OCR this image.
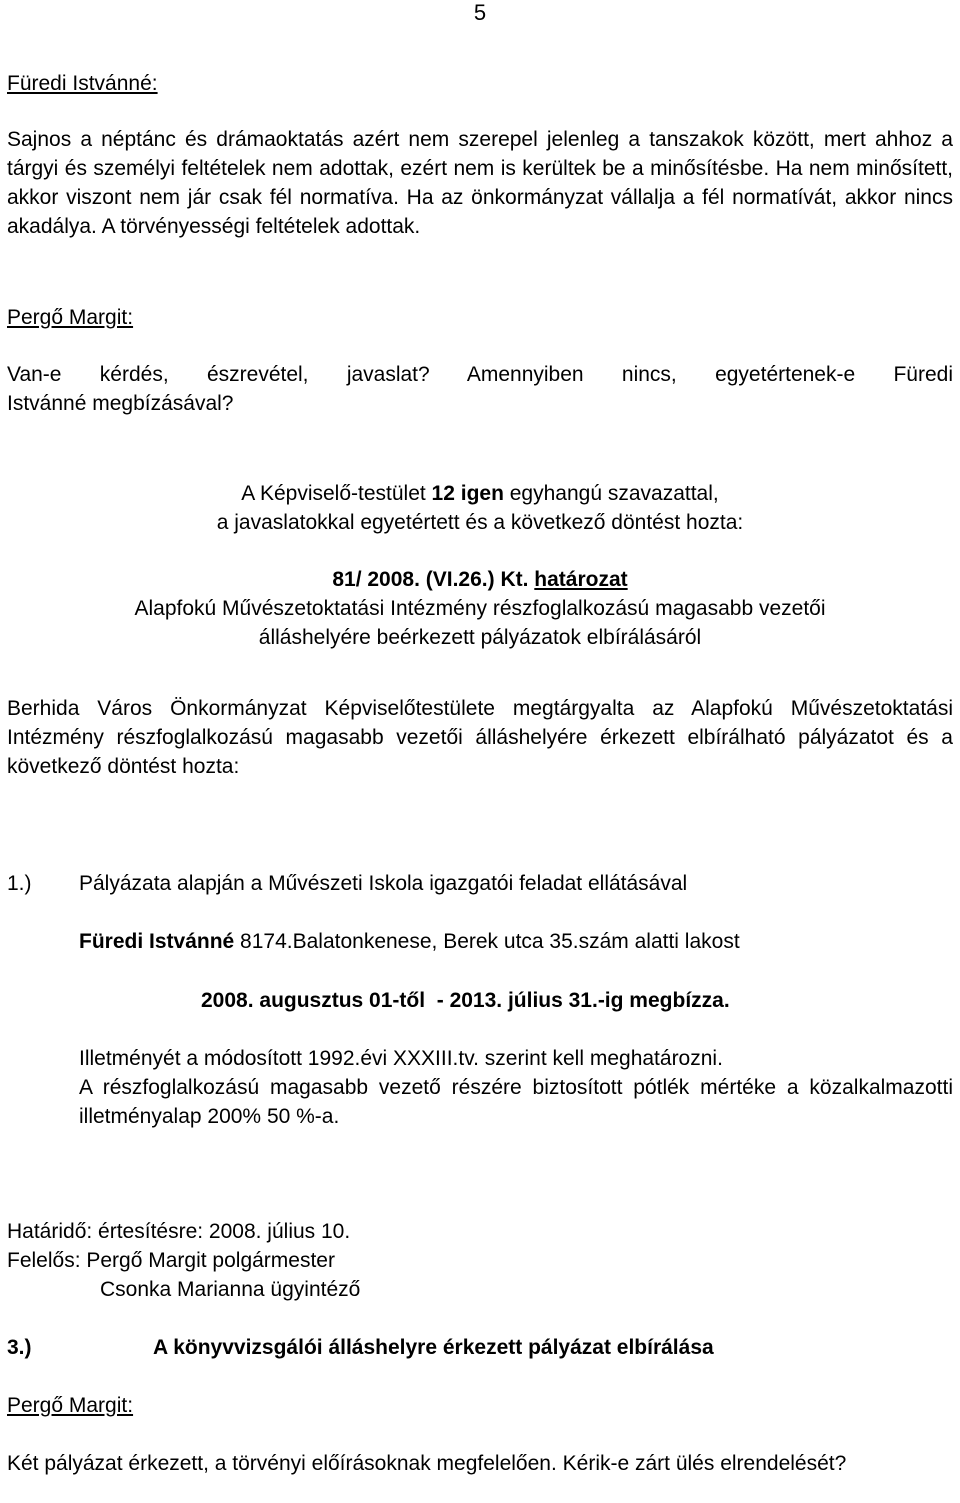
5
Füredi Istvánné:
Sajnos a néptánc és drámaoktatás azért nem szerepel jelenleg a tanszakok között, mert ahhoz a tárgyi és személyi feltételek nem adottak, ezért nem is kerültek be a minősítésbe. Ha nem minősített, akkor viszont nem jár csak fél normatíva. Ha az önkormányzat vállalja a fél normatívát, akkor nincs akadálya. A törvényességi feltételek adottak.
Pergő Margit:
Van-e kérdés, észrevétel, javaslat? Amennyiben nincs, egyetértenek-e Füredi
Istvánné megbízásával?
A Képviselő-testület 12 igen egyhangú szavazattal,
a javaslatokkal egyetértett és a következő döntést hozta:
81/ 2008. (VI.26.) Kt. határozat
Alapfokú Művészetoktatási Intézmény részfoglalkozású magasabb vezetői
álláshelyére beérkezett pályázatok elbírálásáról
Berhida Város Önkormányzat Képviselőtestülete megtárgyalta az Alapfokú Művészetoktatási Intézmény részfoglalkozású magasabb vezetői álláshelyére érkezett elbírálható pályázatot és a következő döntést hozta:
1.) Pályázata alapján a Művészeti Iskola igazgatói feladat ellátásával
Füredi Istvánné 8174.Balatonkenese, Berek utca 35.szám alatti lakost
2008. augusztus 01-től  - 2013. július 31.-ig megbízza.
Illetményét a módosított 1992.évi XXXIII.tv. szerint kell meghatározni.
A részfoglalkozású magasabb vezető részére biztosított pótlék mértéke a közalkalmazotti illetményalap 200% 50 %-a.
Határidő: értesítésre: 2008. július 10.
Felelős: Pergő Margit polgármester
Csonka Marianna ügyintéző
3.)	A könyvvizsgálói álláshelyre érkezett pályázat elbírálása
Pergő Margit:
Két pályázat érkezett, a törvényi előírásoknak megfelelően. Kérik-e zárt ülés elrendelését?
